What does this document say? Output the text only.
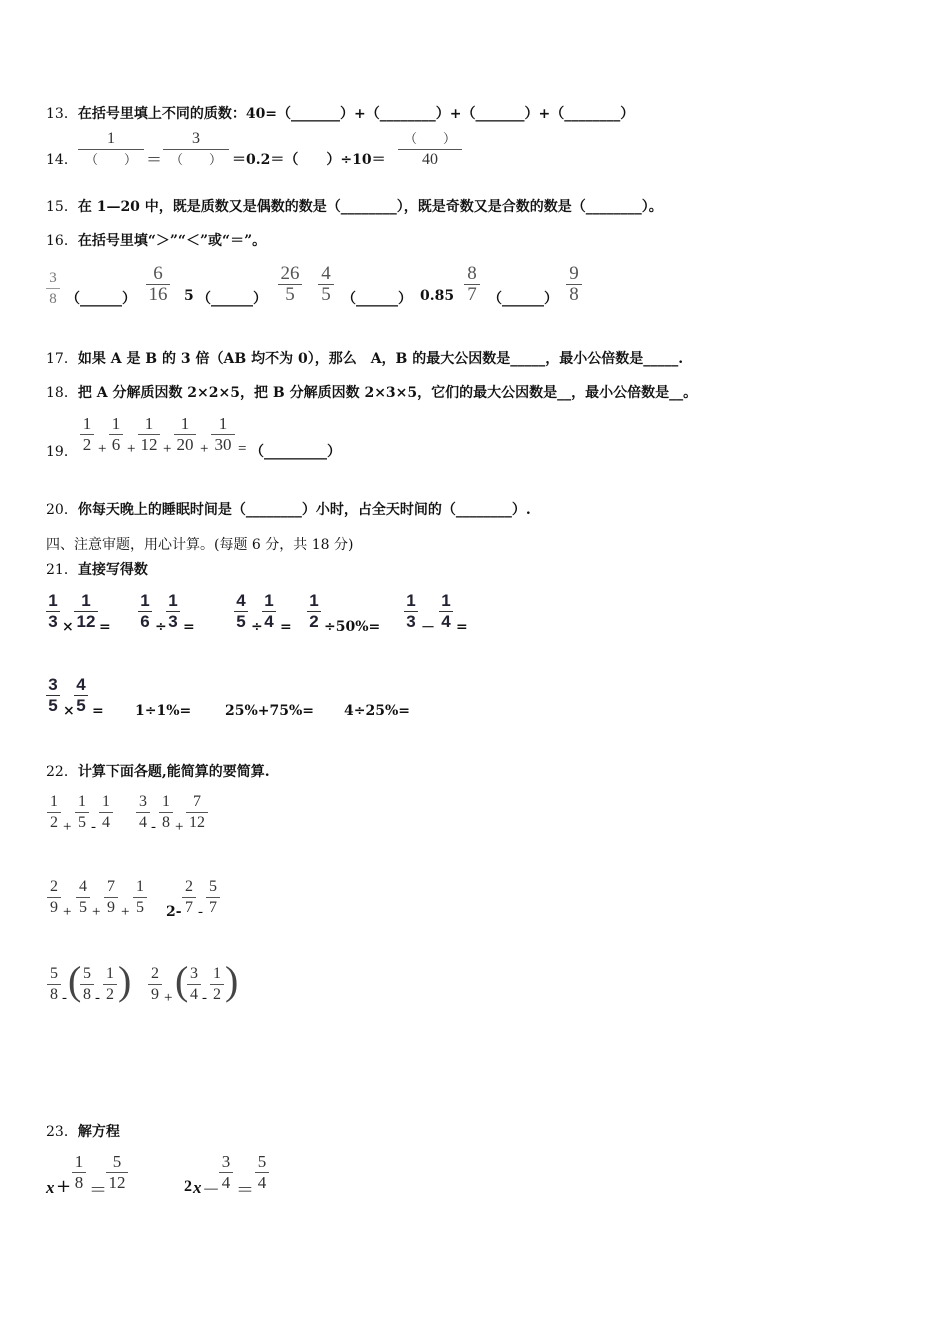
13．在括号里填上不同的质数：40=（_______）+（________）+（_______）+（________）
14．
1
（　　） ＝
3
（　　） ＝0.2＝（　　）÷10＝
（　　）
40
15．在 1—20 中，既是质数又是偶数的数是（________），既是奇数又是合数的数是（________）。
16．在括号里填“＞”“＜”或“＝”。
3
8 （______）
6
16 5 （______）
26
5
4
5 （______） 0.85
8
7 （______）
9
8
17．如果 A 是 B 的 3 倍（AB 均不为 0），那么　A，B 的最大公因数是_____，最小公倍数是_____.
18．把 A 分解质因数 2×2×5，把 B 分解质因数 2×3×5，它们的最大公因数是__，最小公倍数是__。
19．
1
2 +
1
6 +
1
12 +
1
20 +
1
30 = （_________）
20．你每天晚上的睡眠时间是（________）小时，占全天时间的（________）.
四、注意审题，用心计算。(每题 6 分，共 18 分)
21．直接写得数
1
3 ×
1
12 =
1
6 ÷
1
3 =
4
5 ÷
1
4 =
1
2 ÷50%=
1
3 －
1
4 =
3
5 ×
4
5 = 1÷1%= 25%+75%= 4÷25%=
22．计算下面各题,能简算的要简算.
1
2 +
1
5 -
1
4
3
4 -
1
8 +
7
12
2
9 +
4
5 +
7
9 +
1
5 2-
2
7 -
5
7
5
8 - ( 5
8 -
1
2 ) 2
9 + ( 3
4 -
1
2 )
23．解方程
x +
1
8 ＝
5
12	2 x －
3
4 ＝
5
4
